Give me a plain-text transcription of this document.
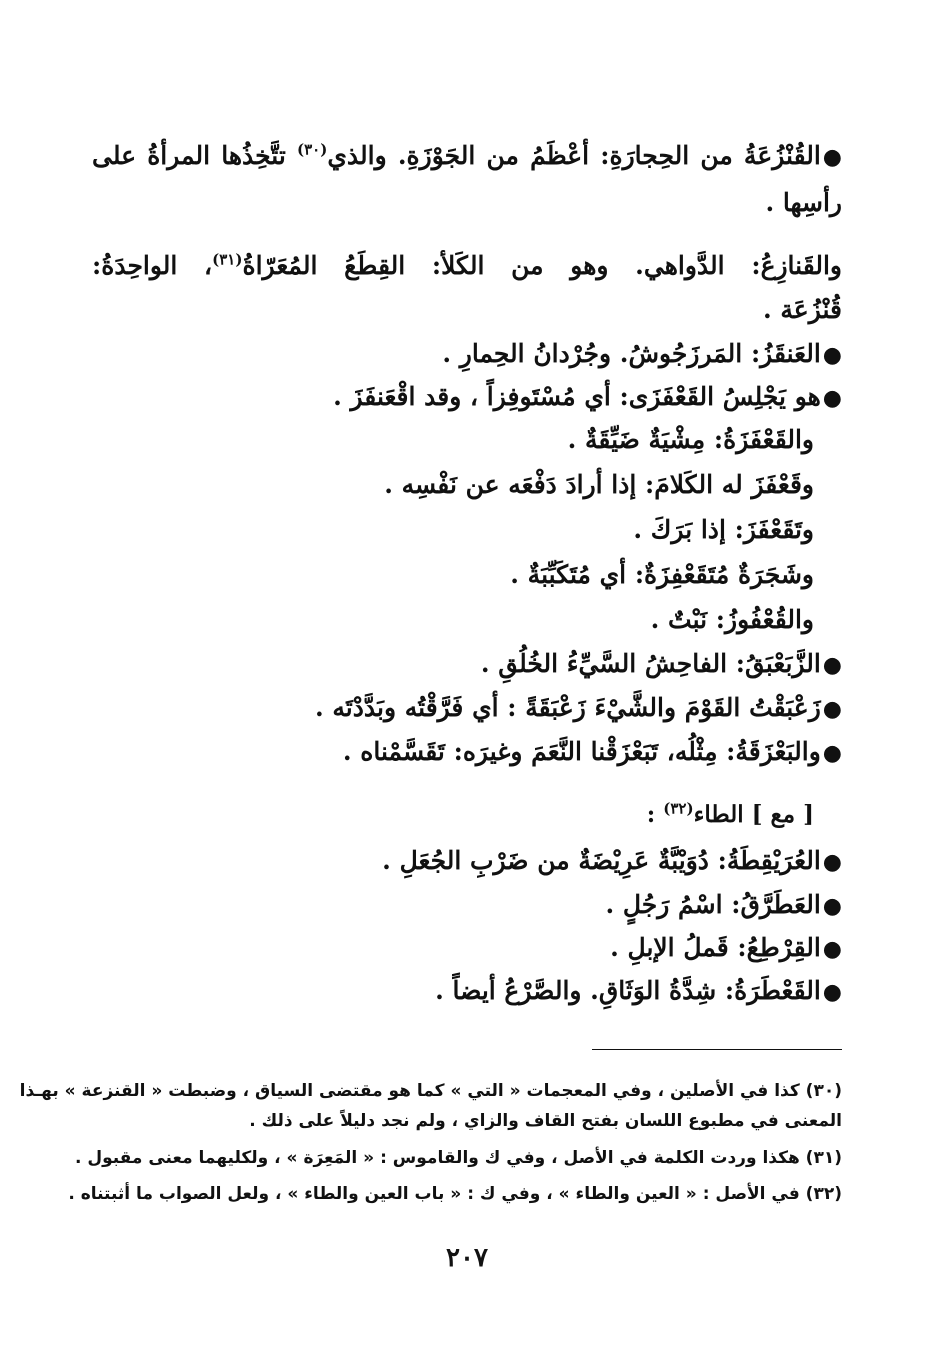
●القُنْزُعَةُ من الحِجارَةِ: أعْظَمُ من الجَوْزَةِ. والذي$^{(٣٠)}$ تتَّخِذُها المرأةُ على
رأسِها .
والقَنازِعُ: الدَّواهي. وهو من الكَلأ: القِطَعُ المُعَرّاةُ$^{(٣١)}$، الواحِدَةُ:
قُنْزُعَة .
●العَنقَزُ: المَرزَجُوشُ. وجُرْدانُ الحِمارِ .
●هو يَجْلِسُ القَعْفَزَى: أي مُسْتَوفِزاً ، وقد اقْعَنفَزَ .
والقَعْفَزَةُ: مِشْيَةٌ ضَيِّقَةٌ .
وقَعْفَزَ له الكَلامَ: إذا أرادَ دَفْعَه عن نَفْسِه .
وتَقَعْفَزَ: إذا بَرَكَ .
وشَجَرَةٌ مُتَقَعْفِزَةٌ: أي مُتَكَبِّبَةٌ .
والقُعْفُوزُ: نَبْتٌ .
●الزَّبَعْبَقُ: الفاحِشُ السَّيِّءُ الخُلُقِ .
●زَعْبَقْتُ القَوْمَ والشَّيْءَ زَعْبَقَةً : أي فَرَّقْتُه وبَدَّدْتَه .
●والبَعْزَقَةُ: مِثْلُه، تَبَعْزَقْنا النَّعَمَ وغيرَه: تَقَسَّمْناه .
[ مع ] الطاء$^{(٣٢)}$ :
●العُرَيْقِطَةُ: دُوَيْبَّةٌ عَرِيْضَةٌ من ضَرْبِ الجُعَلِ .
●العَطَرَّقُ: اسْمُ رَجُلٍ .
●القِرْطِعُ: قَملُ الإبلِ .
●القَعْطَرَةُ: شِدَّةُ الوَثَاقِ. والصَّرْعُ أيضاً .
(٣٠) كذا في الأصلين ، وفي المعجمات « التي » كما هو مقتضى السياق ، وضبطت « القنزعة » بهـذا
المعنى في مطبوع اللسان بفتح القاف والزاي ، ولم نجد دليلاً على ذلك .
(٣١) هكذا وردت الكلمة في الأصل ، وفي ك والقاموس : « المَعِرَة » ، ولكليهما معنى مقبول .
(٣٢) في الأصل : « العين والطاء » ، وفي ك : « باب العين والطاء » ، ولعل الصواب ما أثبتناه .
٢٠٧
